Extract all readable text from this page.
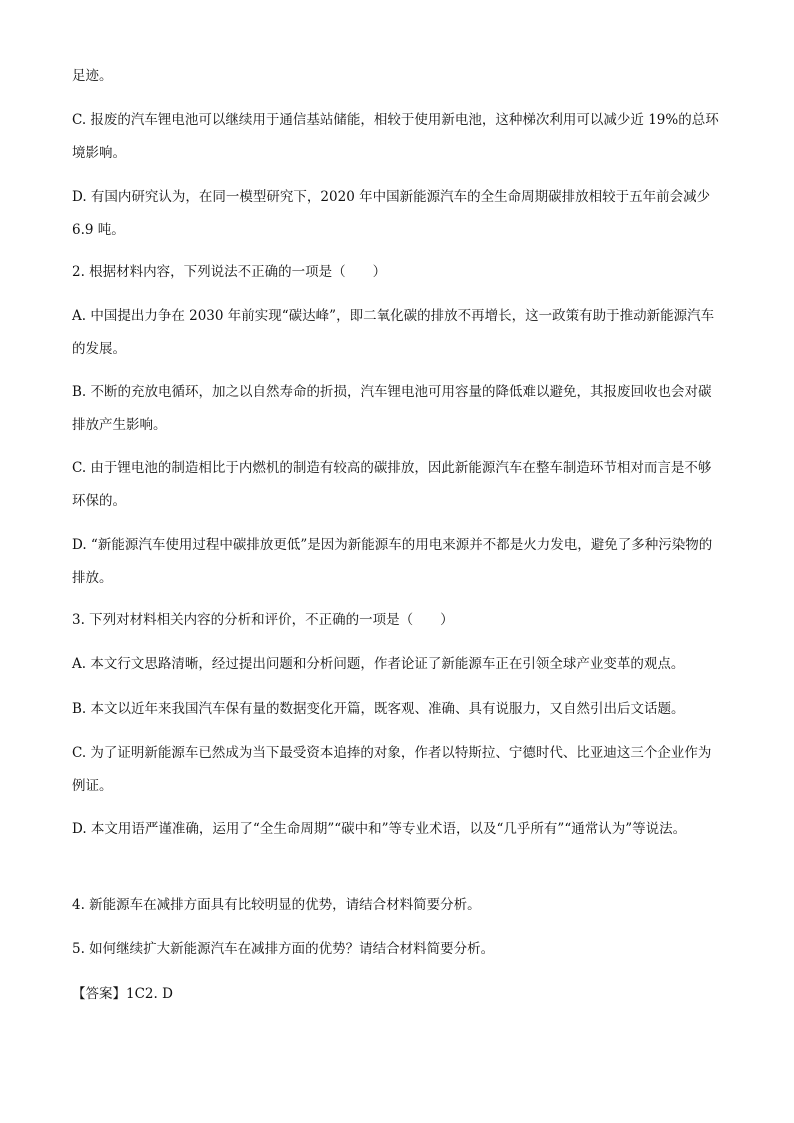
足迹。

C. 报废的汽车锂电池可以继续用于通信基站储能，相较于使用新电池，这种梯次利用可以减少近 19%的总环境影响。

D. 有国内研究认为，在同一模型研究下，2020 年中国新能源汽车的全生命周期碳排放相较于五年前会减少 6.9 吨。

2. 根据材料内容，下列说法不正确的一项是（　　）

A. 中国提出力争在 2030 年前实现“碳达峰”，即二氧化碳的排放不再增长，这一政策有助于推动新能源汽车的发展。

B. 不断的充放电循环，加之以自然寿命的折损，汽车锂电池可用容量的降低难以避免，其报废回收也会对碳排放产生影响。

C. 由于锂电池的制造相比于内燃机的制造有较高的碳排放，因此新能源汽车在整车制造环节相对而言是不够环保的。

D. “新能源汽车使用过程中碳排放更低”是因为新能源车的用电来源并不都是火力发电，避免了多种污染物的排放。

3. 下列对材料相关内容的分析和评价，不正确的一项是（　　）

A. 本文行文思路清晰，经过提出问题和分析问题，作者论证了新能源车正在引领全球产业变革的观点。

B. 本文以近年来我国汽车保有量的数据变化开篇，既客观、准确、具有说服力，又自然引出后文话题。

C. 为了证明新能源车已然成为当下最受资本追捧的对象，作者以特斯拉、宁德时代、比亚迪这三个企业作为例证。

D. 本文用语严谨准确，运用了“全生命周期”“碳中和”等专业术语，以及“几乎所有”“通常认为”等说法。

4. 新能源车在减排方面具有比较明显的优势，请结合材料简要分析。

5. 如何继续扩大新能源汽车在减排方面的优势？请结合材料简要分析。

【答案】1C2. D
